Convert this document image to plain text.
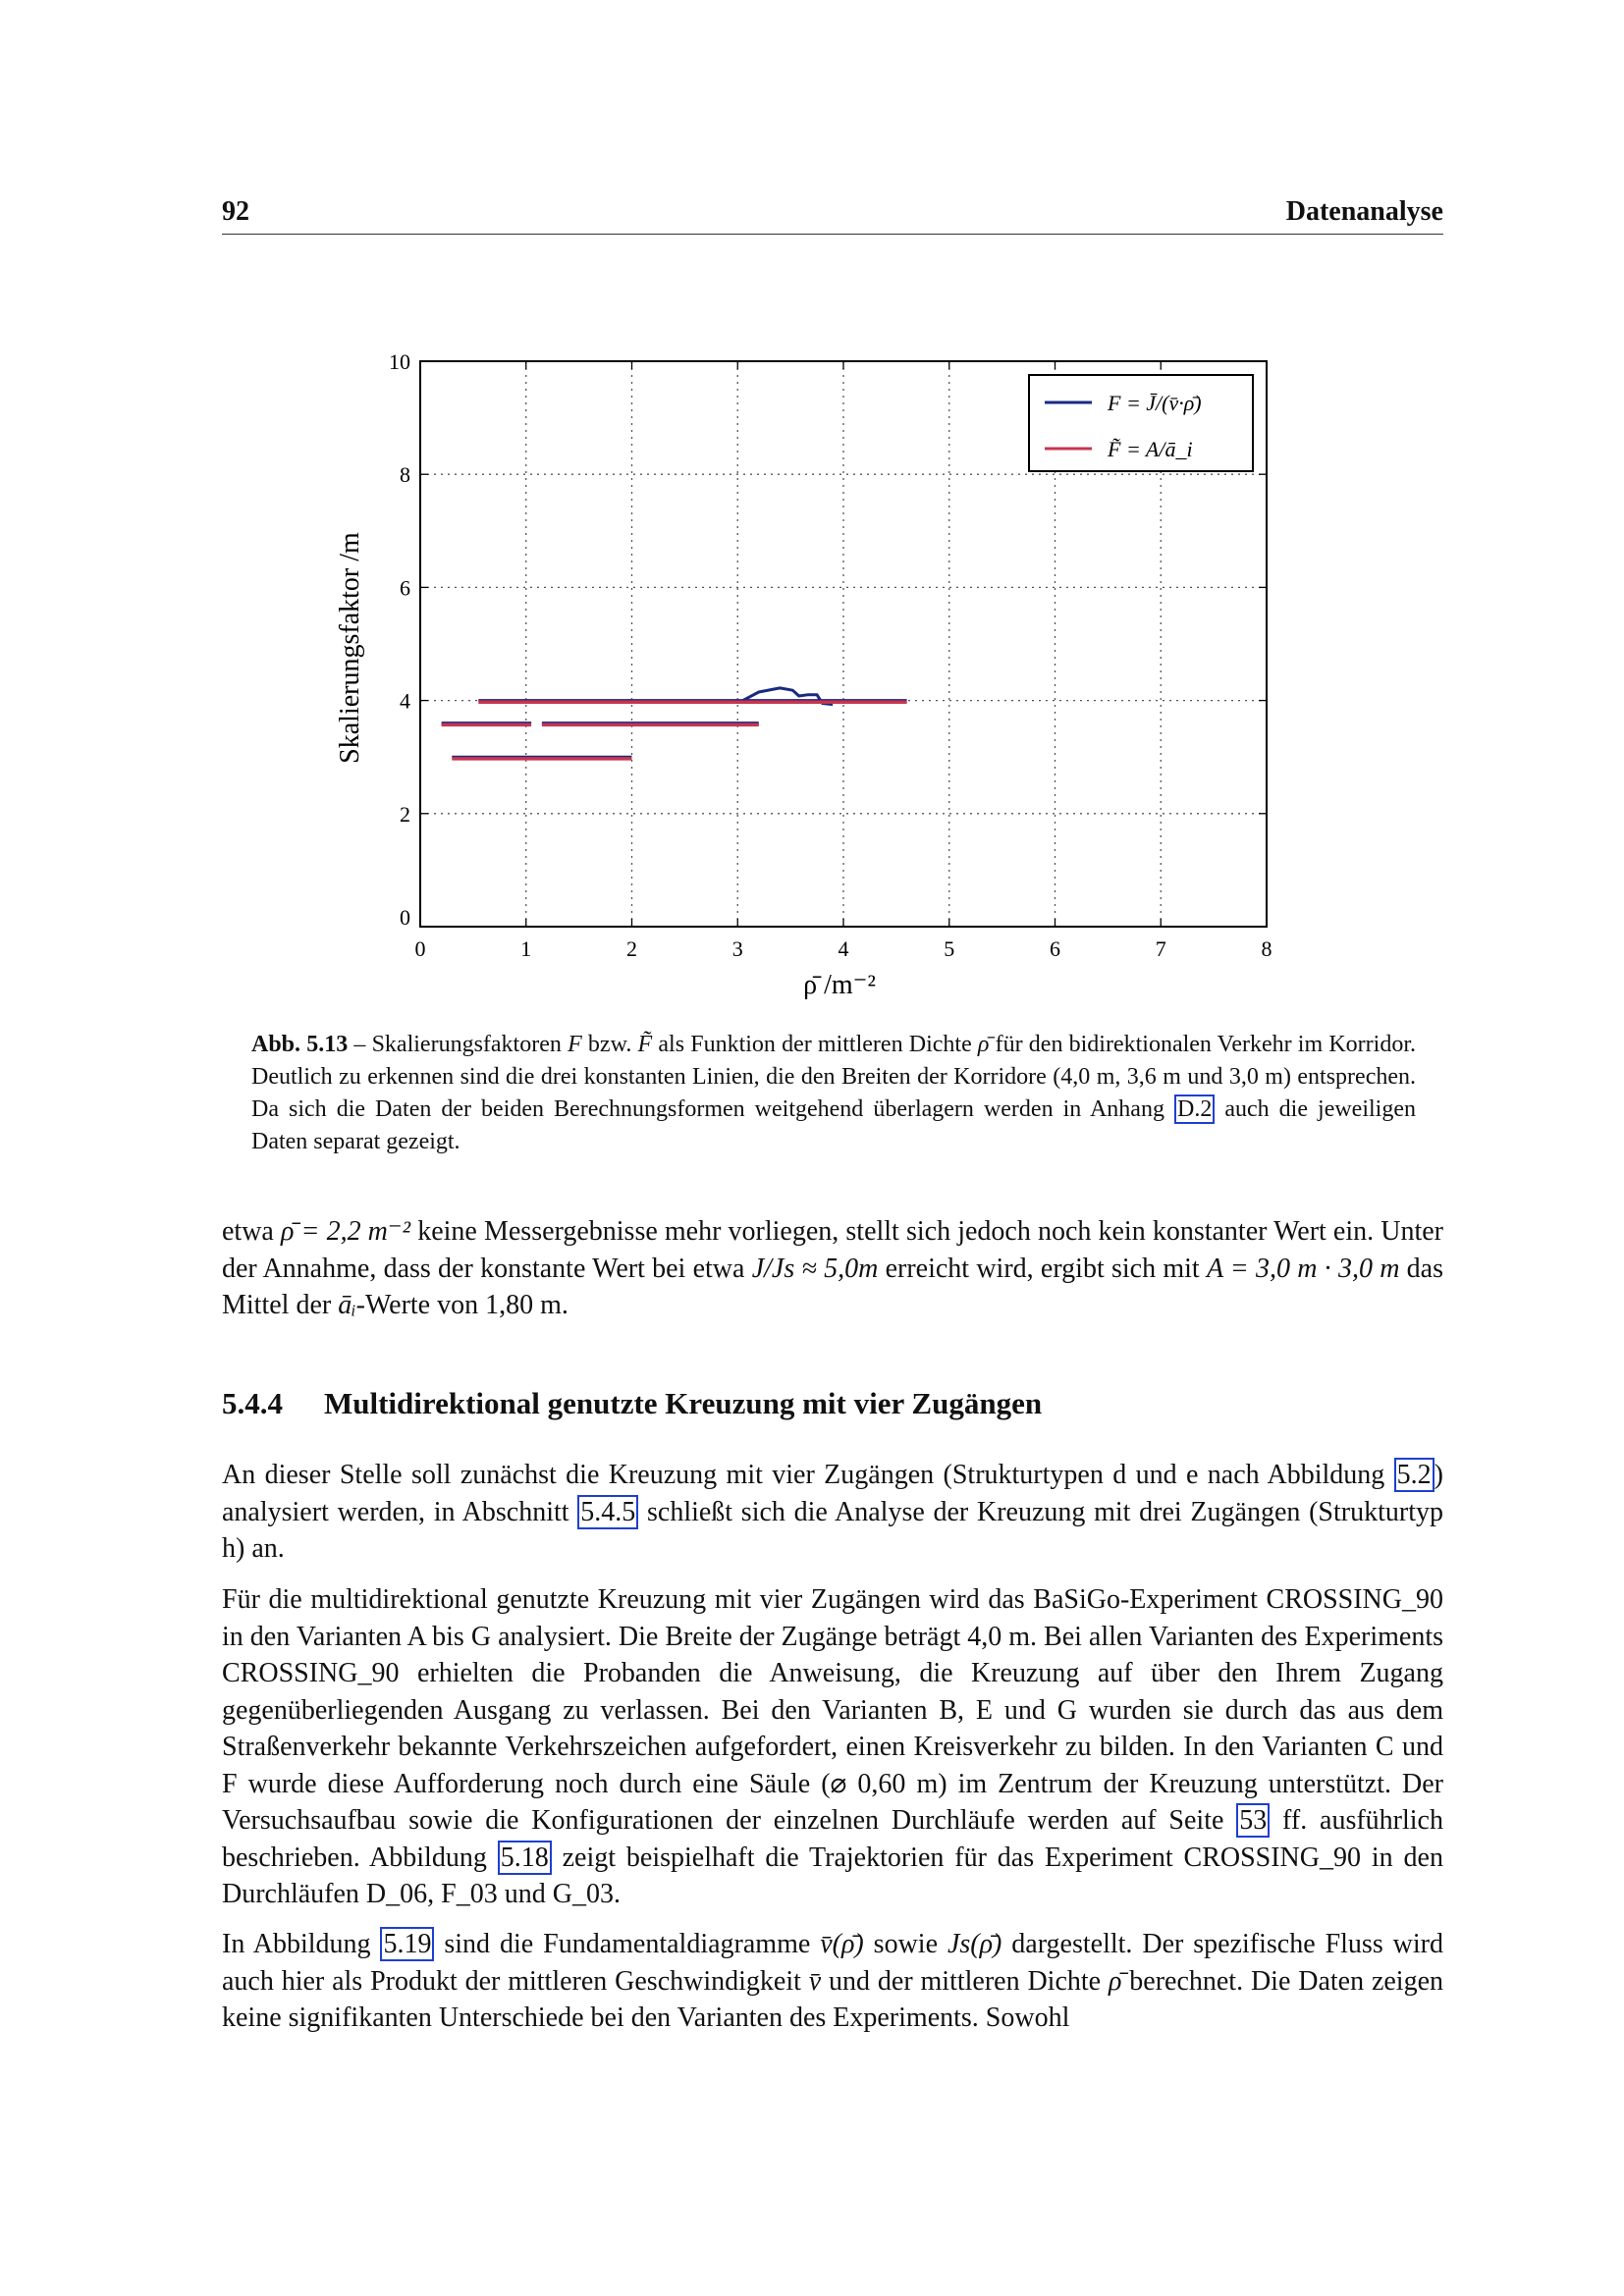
92	Datenanalyse
0	1	2	3	4	5	6	7	8
0
2
4
6
8
10
Skalierungsfaktor /m
ρ̄ /m⁻²
F = J̄/(v̄·ρ̄)
F̃ = A/ā_i
Abb. 5.13 – Skalierungsfaktoren F bzw. F̃ als Funktion der mittleren Dichte ρ̄ für den bidirektionalen Verkehr im Korridor. Deutlich zu erkennen sind die drei konstanten Linien, die den Breiten der Korridore (4,0 m, 3,6 m und 3,0 m) entsprechen. Da sich die Daten der beiden Berechnungsformen weitgehend überlagern werden in Anhang D.2 auch die jeweiligen Daten separat gezeigt.
etwa ρ̄ = 2,2 m⁻² keine Messergebnisse mehr vorliegen, stellt sich jedoch noch kein konstanter Wert ein. Unter der Annahme, dass der konstante Wert bei etwa J/Js ≈ 5,0m erreicht wird, ergibt sich mit A = 3,0 m · 3,0 m das Mittel der āᵢ-Werte von 1,80 m.
5.4.4 Multidirektional genutzte Kreuzung mit vier Zugängen
An dieser Stelle soll zunächst die Kreuzung mit vier Zugängen (Strukturtypen d und e nach Abbildung 5.2 ) analysiert werden, in Abschnitt 5.4.5 schließt sich die Analyse der Kreuzung mit drei Zugängen (Strukturtyp h) an.
Für die multidirektional genutzte Kreuzung mit vier Zugängen wird das BaSiGo-Experiment CROSSING_90 in den Varianten A bis G analysiert. Die Breite der Zugänge beträgt 4,0 m. Bei allen Varianten des Experiments CROSSING_90 erhielten die Probanden die Anweisung, die Kreuzung auf über den Ihrem Zugang gegenüberliegenden Ausgang zu verlassen. Bei den Varianten B, E und G wurden sie durch das aus dem Straßenverkehr bekannte Verkehrszeichen aufgefordert, einen Kreisverkehr zu bilden. In den Varianten C und F wurde diese Aufforderung noch durch eine Säule (⌀ 0,60 m) im Zentrum der Kreuzung unterstützt. Der Versuchsaufbau sowie die Konfigurationen der einzelnen Durchläufe werden auf Seite 53 ff. ausführlich beschrieben. Abbildung 5.18 zeigt beispielhaft die Trajektorien für das Experiment CROSSING_90 in den Durchläufen D_06, F_03 und G_03.
In Abbildung 5.19 sind die Fundamentaldiagramme v̄(ρ̄) sowie Js(ρ̄) dargestellt. Der spezifische Fluss wird auch hier als Produkt der mittleren Geschwindigkeit v̄ und der mittleren Dichte ρ̄ berechnet. Die Daten zeigen keine signifikanten Unterschiede bei den Varianten des Experiments. Sowohl
